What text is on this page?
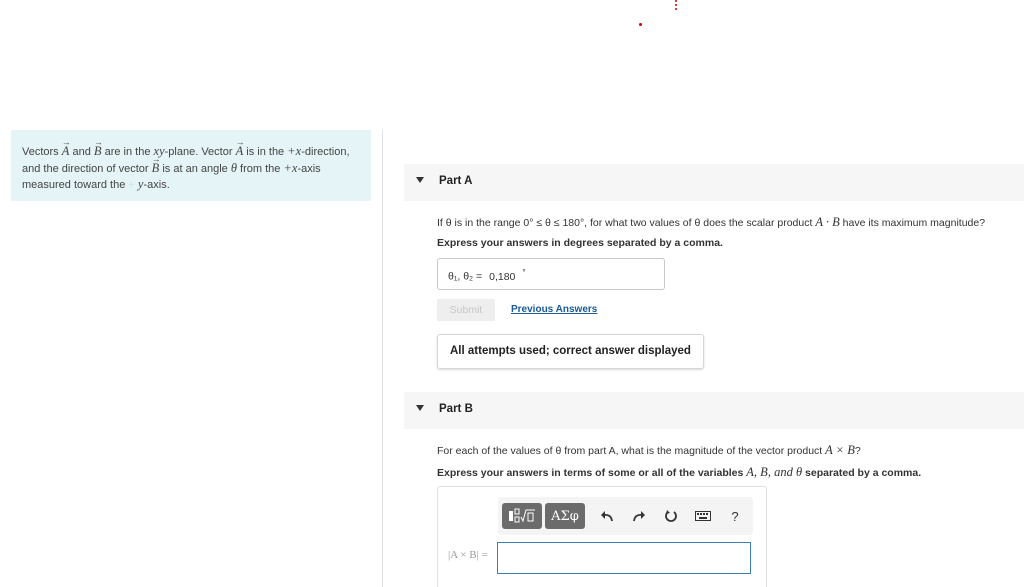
Vectors → A and → B are in the xy-plane. Vector → A is in the +x-direction,
and the direction of vector → B is at an angle θ from the +x-axis
measured toward the + y-axis.	Part A
If θ is in the range 0° ≤ θ ≤ 180°, for what two values of θ does the scalar product A · B have its maximum magnitude?
Express your answers in degrees separated by a comma.
θ₁, θ₂ = 0,180 °
Submit	Previous Answers
All attempts used; correct answer displayed
Part B
For each of the values of θ from part A, what is the magnitude of the vector product A × B?
Express your answers in terms of some or all of the variables A, B, and θ separated by a comma.
ΑΣφ	?
|A × B| =
